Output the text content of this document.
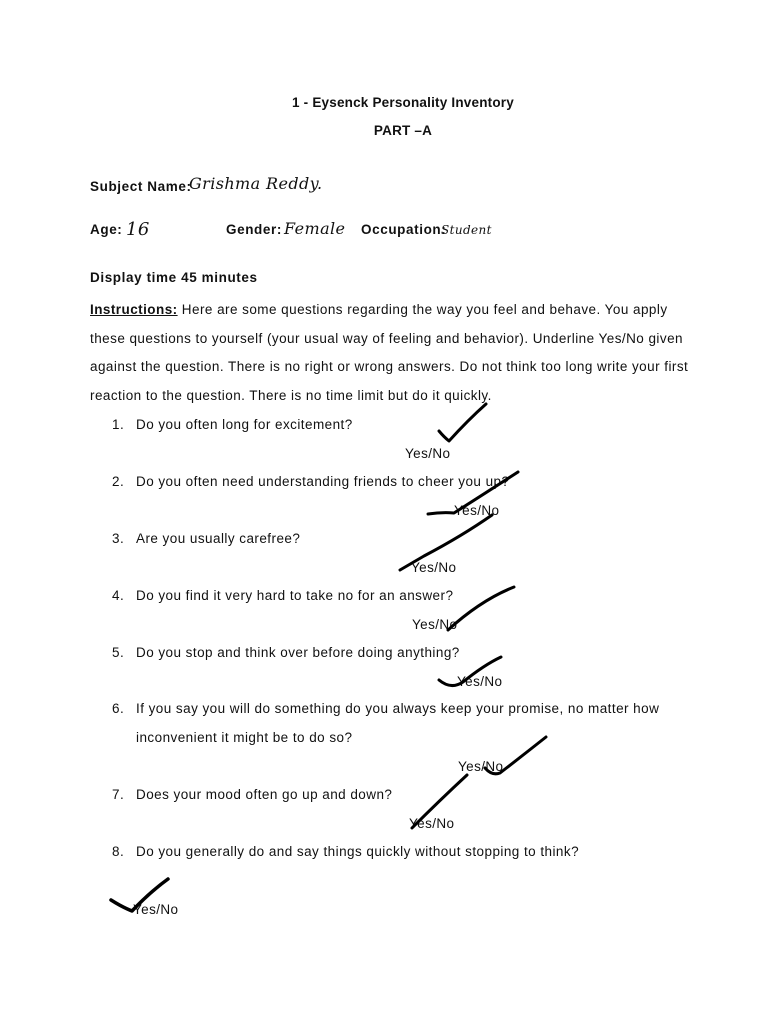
1 - Eysenck Personality Inventory
PART –A
Subject Name:
Grishma Reddy.
Age: 16	Gender: Female Occupation:
Student
Display time 45 minutes
Instructions: Here are some questions regarding the way you feel and behave. You apply these questions to yourself (your usual way of feeling and behavior). Underline Yes/No given against the question. There is no right or wrong answers. Do not think too long write your first reaction to the question. There is no time limit but do it quickly.
1. Do you often long for excitement?
Yes/No
2. Do you often need understanding friends to cheer you up?
Yes/No
3. Are you usually carefree?
Yes/No
4. Do you find it very hard to take no for an answer?
Yes/No
5. Do you stop and think over before doing anything?
Yes/No
6. If you say you will do something do you always keep your promise, no matter how
inconvenient it might be to do so?
Yes/No
7. Does your mood often go up and down?
Yes/No
8. Do you generally do and say things quickly without stopping to think?
Yes/No
